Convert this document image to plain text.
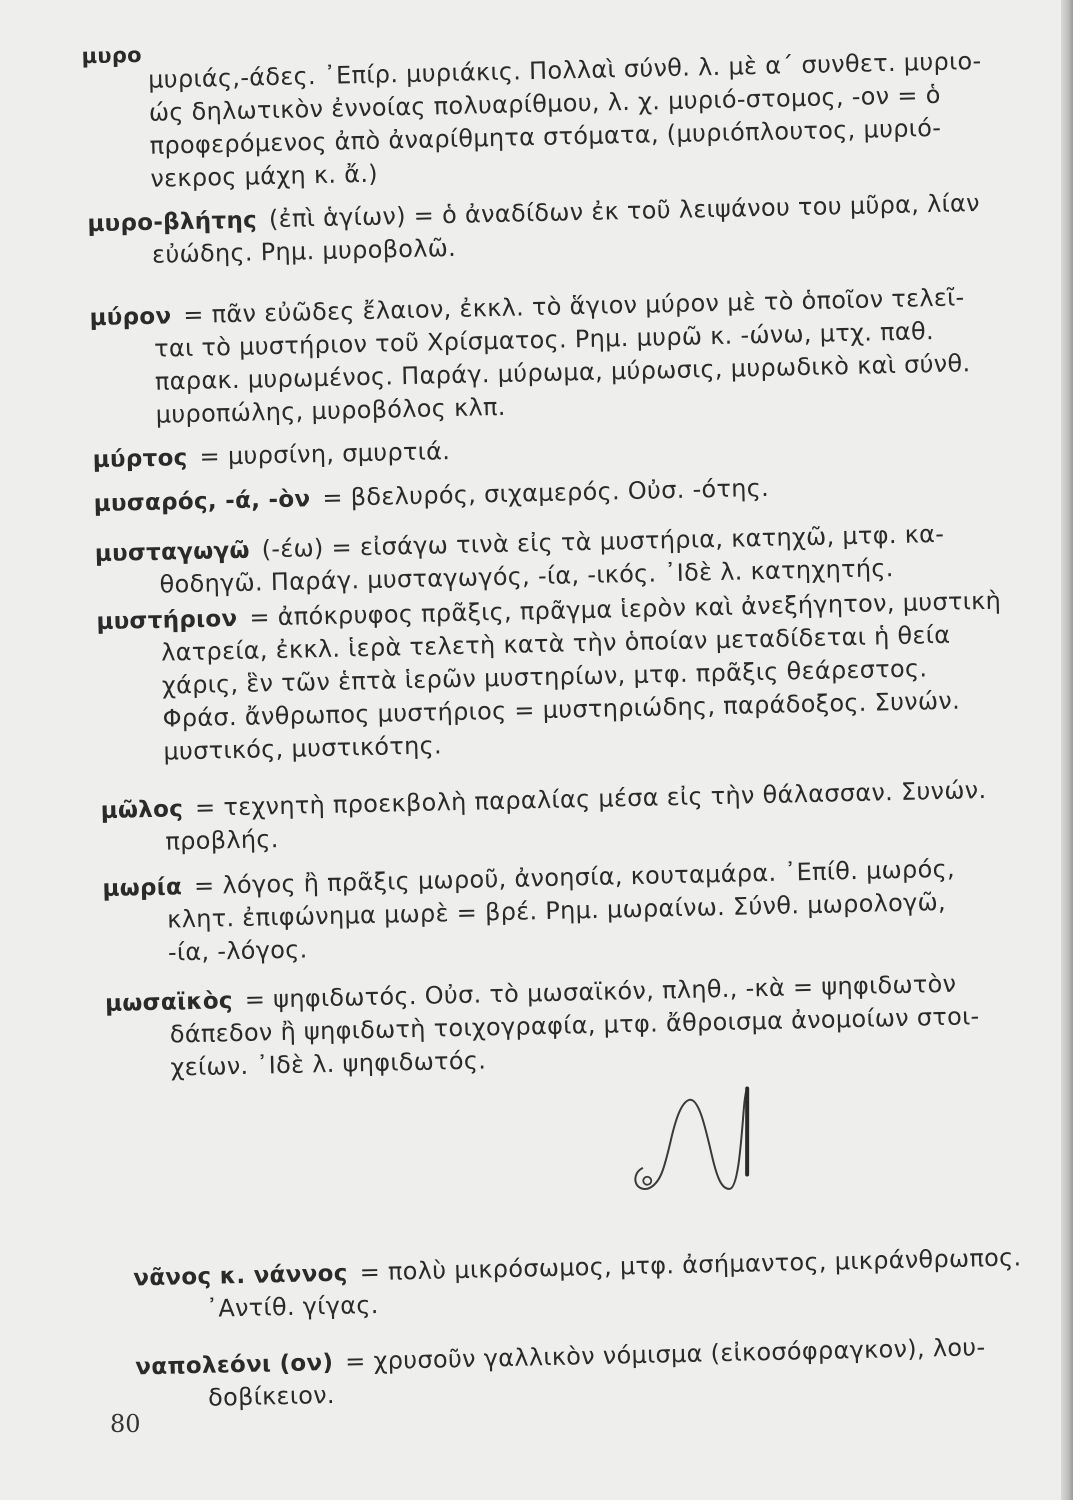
μυρο μυριάς,-άδες. ᾿Επίρ. μυριάκις. Πολλαὶ σύνθ. λ. μὲ α΄ συνθετ. μυριο-
ώς δηλωτικὸν ἐννοίας πολυαρίθμου, λ. χ. μυριό-στομος, -ον = ὁ
προφερόμενος ἀπὸ ἀναρίθμητα στόματα, (μυριόπλουτος, μυριό-
νεκρος μάχη κ. ἄ.)
μυρο-βλήτης (ἐπὶ ἁγίων) = ὁ ἀναδίδων ἐκ τοῦ λειψάνου του μῦρα, λίαν
εὐώδης. Ρημ. μυροβολῶ.
μύρον = πᾶν εὐῶδες ἔλαιον, ἐκκλ. τὸ ἅγιον μύρον μὲ τὸ ὁποῖον τελεῖ-
ται τὸ μυστήριον τοῦ Χρίσματος. Ρημ. μυρῶ κ. -ώνω, μτχ. παθ.
παρακ. μυρωμένος. Παράγ. μύρωμα, μύρωσις, μυρωδικὸ καὶ σύνθ.
μυροπώλης, μυροβόλος κλπ.
μύρτος = μυρσίνη, σμυρτιά.
μυσαρός, -ά, -ὸν = βδελυρός, σιχαμερός. Οὐσ. -ότης.
μυσταγωγῶ (-έω) = εἰσάγω τινὰ εἰς τὰ μυστήρια, κατηχῶ, μτφ. κα-
θοδηγῶ. Παράγ. μυσταγωγός, -ία, -ικός. ᾿Ιδὲ λ. κατηχητής.
μυστήριον = ἀπόκρυφος πρᾶξις, πρᾶγμα ἱερὸν καὶ ἀνεξήγητον, μυστικὴ
λατρεία, ἐκκλ. ἱερὰ τελετὴ κατὰ τὴν ὁποίαν μεταδίδεται ἡ θεία
χάρις, ἓν τῶν ἑπτὰ ἱερῶν μυστηρίων, μτφ. πρᾶξις θεάρεστος.
Φράσ. ἄνθρωπος μυστήριος = μυστηριώδης, παράδοξος. Συνών.
μυστικός, μυστικότης.
μῶλος = τεχνητὴ προεκβολὴ παραλίας μέσα εἰς τὴν θάλασσαν. Συνών.
προβλής.
μωρία = λόγος ἢ πρᾶξις μωροῦ, ἀνοησία, κουταμάρα. ᾿Επίθ. μωρός,
κλητ. ἐπιφώνημα μωρὲ = βρέ. Ρημ. μωραίνω. Σύνθ. μωρολογῶ,
-ία, -λόγος.
μωσαϊκὸς = ψηφιδωτός. Οὐσ. τὸ μωσαϊκόν, πληθ., -κὰ = ψηφιδωτὸν
δάπεδον ἢ ψηφιδωτὴ τοιχογραφία, μτφ. ἄθροισμα ἀνομοίων στοι-
χείων. ᾿Ιδὲ λ. ψηφιδωτός.	N
νᾶνος κ. νάννος = πολὺ μικρόσωμος, μτφ. ἀσήμαντος, μικράνθρωπος.
᾿Αντίθ. γίγας.
ναπολεόνι (ον) = χρυσοῦν γαλλικὸν νόμισμα (εἰκοσόφραγκον), λου-
δοβίκειον.
80
